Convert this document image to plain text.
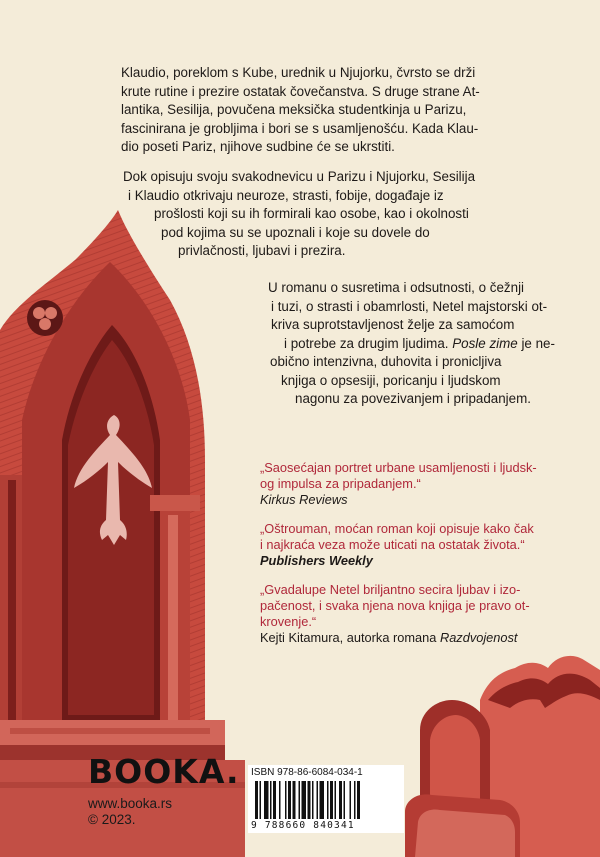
Klaudio, poreklom s Kube, urednik u Njujorku, čvrsto se drži
krute rutine i prezire ostatak čovečanstva. S druge strane At-
lantika, Sesilija, povučena meksička studentkinja u Parizu,
fascinirana je grobljima i bori se s usamljenošću. Kada Klau-
dio poseti Pariz, njihove sudbine će se ukrstiti.
Dok opisuju svoju svakodnevicu u Parizu i Njujorku, Sesilija
i Klaudio otkrivaju neuroze, strasti, fobije, događaje iz
prošlosti koji su ih formirali kao osobe, kao i okolnosti
pod kojima su se upoznali i koje su dovele do
privlačnosti, ljubavi i prezira.
U romanu o susretima i odsutnosti, o čežnji
i tuzi, o strasti i obamrlosti, Netel majstorski ot-
kriva suprotstavljenost želje za samoćom
i potrebe za drugim ljudima. Posle zime je ne-
obično intenzivna, duhovita i pronicljiva
knjiga o opsesiji, poricanju i ljudskom
nagonu za povezivanjem i pripadanjem.
„Saosećajan portret urbane usamljenosti i ljudsk-
og impulsa za pripadanjem.“
Kirkus Reviews
„Oštrouman, moćan roman koji opisuje kako čak
i najkraća veza može uticati na ostatak života.“
Publishers Weekly
„Gvadalupe Netel briljantno secira ljubav i izo-
pačenost, i svaka njena nova knjiga je pravo ot-
krovenje.“
Kejti Kitamura, autorka romana Razdvojenost
BOOKA.
www.booka.rs
© 2023.
ISBN 978-86-6084-034-1
9 788660 840341
